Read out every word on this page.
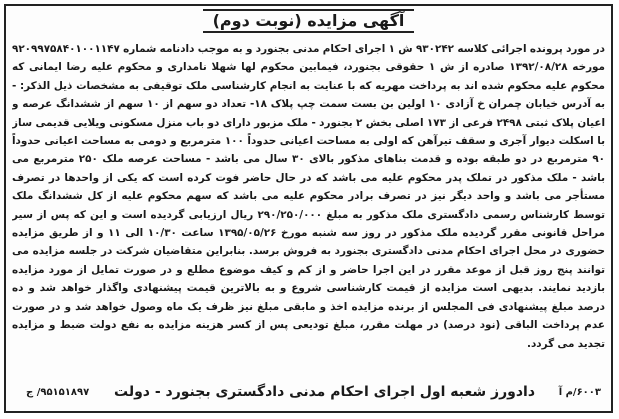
آگهی مزایده (نوبت دوم)
در مورد پرونده اجرائی کلاسه ۹۳۰۲۴۲ ش ۱ اجرای احکام مدنی بجنورد و به موجب دادنامه شماره ۹۲۰۹۹۷۵۸۴۰۱۰۰۱۱۴۷ مورخه ۱۳۹۲/۰۸/۲۸ صادره از ش ۱ حقوقی بجنورد، فیمابین محکوم لها شهلا نامداری و محکوم علیه رضا ایمانی که محکوم علیه محکوم شده اند به پرداخت مهریه که با عنایت به انجام کارشناسی ملک توقیفی به مشخصات ذیل الذکر: - به آدرس خیابان چمران خ آزادی ۱۰ اولین بن بست سمت چپ پلاک ۱۸- تعداد دو سهم از ۱۰ سهم از ششدانگ عرصه و اعیان پلاک ثبتی ۲۴۹۸ فرعی از ۱۷۳ اصلی بخش ۲ بجنورد - ملک مزبور دارای دو باب منزل مسکونی ویلایی قدیمی ساز با اسکلت دیوار آجری و سقف تیرآهن که اولی به مساحت اعیانی حدوداً ۱۰۰ مترمربع و دومی به مساحت اعیانی حدوداً ۹۰ مترمربع در دو طبقه بوده و قدمت بناهای مذکور بالای ۳۰ سال می باشد - مساحت عرصه ملک ۲۵۰ مترمربع می باشد - ملک مذکور در تملک پدر محکوم علیه می باشد که در حال حاضر فوت کرده است که یکی از واحدها در تصرف مستأجر می باشد و واحد دیگر نیز در تصرف برادر محکوم علیه می باشد که سهم محکوم علیه از کل ششدانگ ملک توسط کارشناس رسمی دادگستری ملک مذکور به مبلغ ۲۹۰/۲۵۰/۰۰۰ ریال ارزیابی گردیده است و این که پس از سیر مراحل قانونی مقرر گردیده ملک مذکور در روز سه شنبه مورخ ۱۳۹۵/۰۵/۲۶ ساعت ۱۰/۳۰ الی ۱۱ و از طریق مزایده حضوری در محل اجرای احکام مدنی دادگستری بجنورد به فروش برسد. بنابراین متقاضیان شرکت در جلسه مزایده می توانند پنج روز قبل از موعد مقرر در این اجرا حاضر و از کم و کیف موضوع مطلع و در صورت تمایل از مورد مزایده بازدید نمایند. بدیهی است مزایده از قیمت کارشناسی شروع و به بالاترین قیمت پیشنهادی واگذار خواهد شد و ده درصد مبلغ پیشنهادی فی المجلس از برنده مزایده اخذ و مابقی مبلغ نیز ظرف یک ماه وصول خواهد شد و در صورت عدم پرداخت الباقی (نود درصد) در مهلت مقرر، مبلغ تودیعی پس از کسر هزینه مزایده به نفع دولت ضبط و مزایده تجدید می گردد.
۶۰۰۳/م آ
دادورز شعبه اول اجرای احکام مدنی دادگستری بجنورد - دولت
۹۵۱۵۱۸۹۷/ ج
